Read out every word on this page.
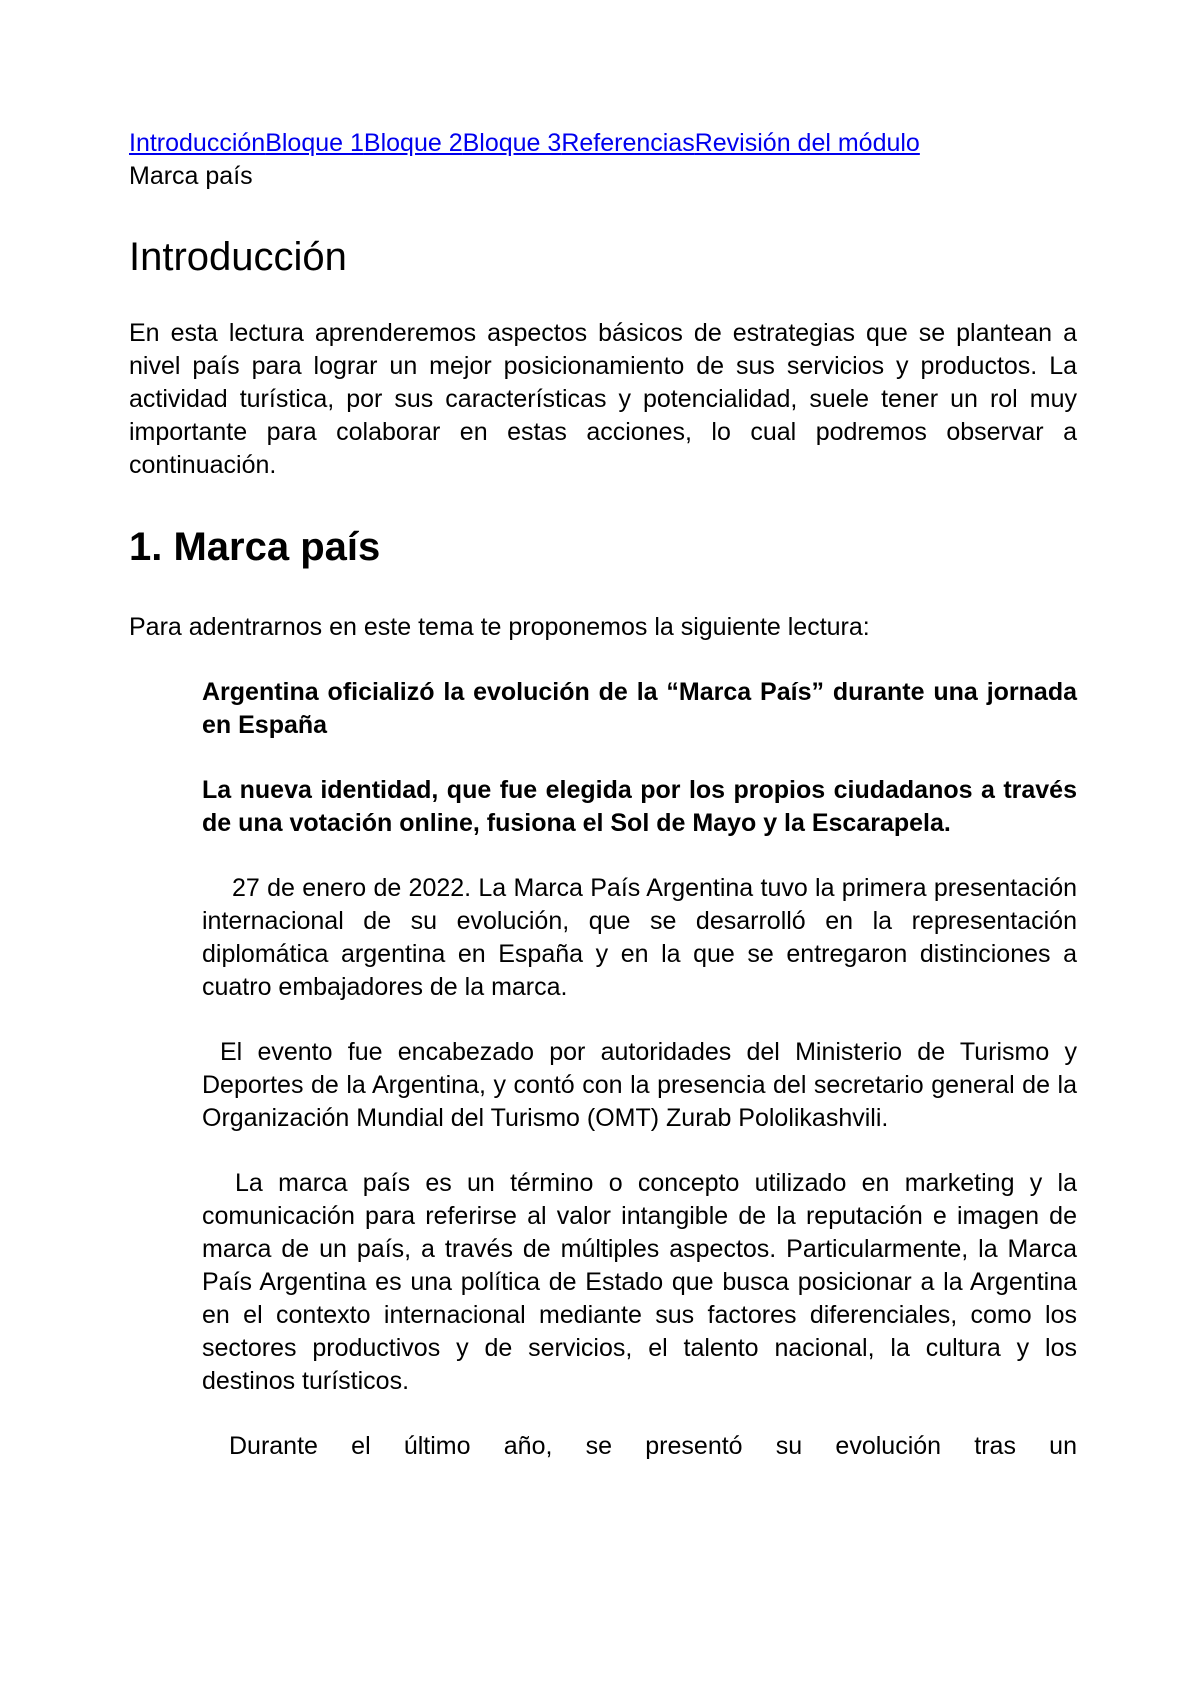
IntroducciónBloque 1Bloque 2Bloque 3ReferenciasRevisión del módulo
Marca país
Introducción

En esta lectura aprenderemos aspectos básicos de estrategias que se plantean a nivel país para lograr un mejor posicionamiento de sus servicios y productos. La actividad turística, por sus características y potencialidad, suele tener un rol muy importante para colaborar en estas acciones, lo cual podremos observar a continuación.

1. Marca país

Para adentrarnos en este tema te proponemos la siguiente lectura:

Argentina oficializó la evolución de la “Marca País” durante una jornada en España

La nueva identidad, que fue elegida por los propios ciudadanos a través de una votación online, fusiona el Sol de Mayo y la Escarapela.

27 de enero de 2022. La Marca País Argentina tuvo la primera presentación internacional de su evolución, que se desarrolló en la representación diplomática argentina en España y en la que se entregaron distinciones a cuatro embajadores de la marca.

El evento fue encabezado por autoridades del Ministerio de Turismo y Deportes de la Argentina, y contó con la presencia del secretario general de la Organización Mundial del Turismo (OMT) Zurab Pololikashvili.

La marca país es un término o concepto utilizado en marketing y la comunicación para referirse al valor intangible de la reputación e imagen de marca de un país, a través de múltiples aspectos. Particularmente, la Marca País Argentina es una política de Estado que busca posicionar a la Argentina en el contexto internacional mediante sus factores diferenciales, como los sectores productivos y de servicios, el talento nacional, la cultura y los destinos turísticos.

Durante el último año, se presentó su evolución tras un
